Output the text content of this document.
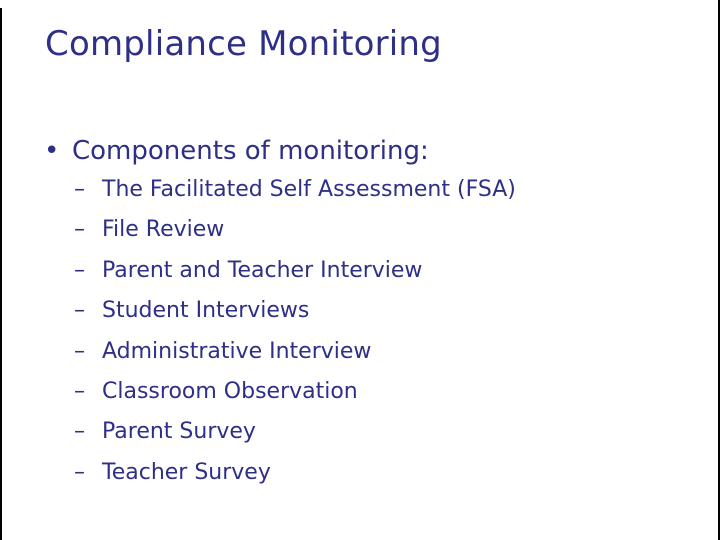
Compliance Monitoring
• Components of monitoring:
– The Facilitated Self Assessment (FSA)
– File Review
– Parent and Teacher Interview
– Student Interviews
– Administrative Interview
– Classroom Observation
– Parent Survey
– Teacher Survey
